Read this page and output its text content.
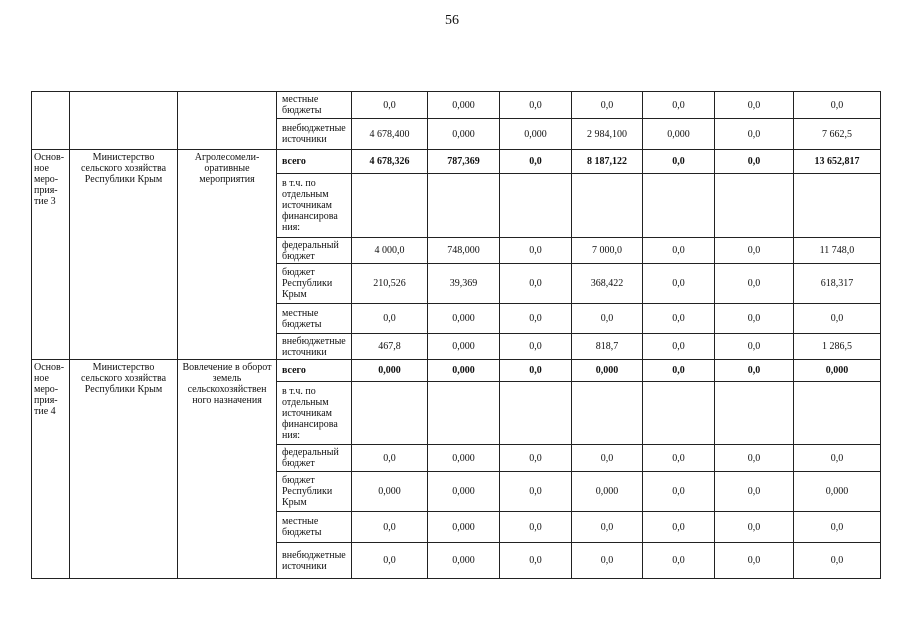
56
			местные бюджеты	0,0	0,000	0,0	0,0	0,0	0,0	0,0
			внебюджетные источники	4 678,400	0,000	0,000	2 984,100	0,000	0,0	7 662,5
Основ-ное меро-прия-тие 3	Министерство сельского хозяйства Республики Крым	Агролесомели-оративные мероприятия	всего	4 678,326	787,369	0,0	8 187,122	0,0	0,0	13 652,817
			в т.ч. по отдельным источникам финансирова ния:							
			федеральный бюджет	4 000,0	748,000	0,0	7 000,0	0,0	0,0	11 748,0
			бюджет Республики Крым	210,526	39,369	0,0	368,422	0,0	0,0	618,317
			местные бюджеты	0,0	0,000	0,0	0,0	0,0	0,0	0,0
			внебюджетные источники	467,8	0,000	0,0	818,7	0,0	0,0	1 286,5
Основ-ное меро-прия-тие 4	Министерство сельского хозяйства Республики Крым	Вовлечение в оборот земель сельскохозяйствен ного назначения	всего	0,000	0,000	0,0	0,000	0,0	0,0	0,000
			в т.ч. по отдельным источникам финансирова ния:							
			федеральный бюджет	0,0	0,000	0,0	0,0	0,0	0,0	0,0
			бюджет Республики Крым	0,000	0,000	0,0	0,000	0,0	0,0	0,000
			местные бюджеты	0,0	0,000	0,0	0,0	0,0	0,0	0,0
			внебюджетные источники	0,0	0,000	0,0	0,0	0,0	0,0	0,0
